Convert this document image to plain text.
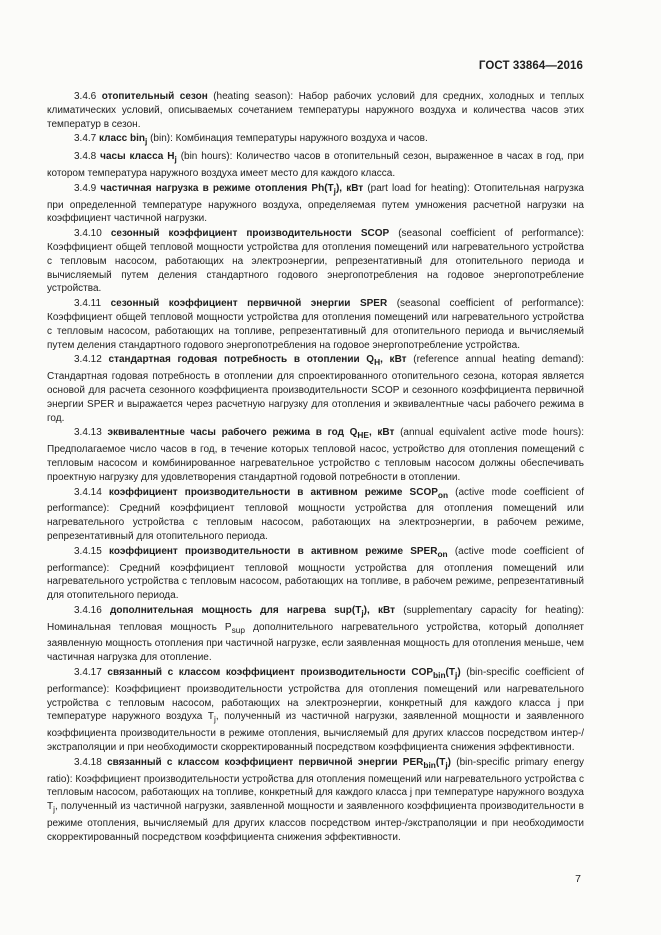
ГОСТ 33864—2016

3.4.6 отопительный сезон (heating season): Набор рабочих условий для средних, холодных и теплых климатических условий, описываемых сочетанием температуры наружного воздуха и количества часов этих температур в сезон.

3.4.7 класс bin$_j$ (bin): Комбинация температуры наружного воздуха и часов.

3.4.8 часы класса $H_j$ (bin hours): Количество часов в отопительный сезон, выраженное в часах в год, при котором температура наружного воздуха имеет место для каждого класса.

3.4.9 частичная нагрузка в режиме отопления $Ph(T_j)$, кВт (part load for heating): Отопительная нагрузка при определенной температуре наружного воздуха, определяемая путем умножения расчетной нагрузки на коэффициент частичной нагрузки.

3.4.10 сезонный коэффициент производительности SCOP (seasonal coefficient of performance): Коэффициент общей тепловой мощности устройства для отопления помещений или нагревательного устройства с тепловым насосом, работающих на электроэнергии, репрезентативный для отопительного периода и вычисляемый путем деления стандартного годового энергопотребления на годовое энергопотребление устройства.

3.4.11 сезонный коэффициент первичной энергии SPER (seasonal coefficient of performance): Коэффициент общей тепловой мощности устройства для отопления помещений или нагревательного устройства с тепловым насосом, работающих на топливе, репрезентативный для отопительного периода и вычисляемый путем деления стандартного годового энергопотребления на годовое энергопотребление устройства.

3.4.12 стандартная годовая потребность в отоплении $Q_H$, кВт (reference annual heating demand): Стандартная годовая потребность в отоплении для спроектированного отопительного сезона, которая является основой для расчета сезонного коэффициента производительности SCOP и сезонного коэффициента первичной энергии SPER и выражается через расчетную нагрузку для отопления и эквивалентные часы рабочего режима в год.

3.4.13 эквивалентные часы рабочего режима в год $Q_{HE}$, кВт (annual equivalent active mode hours): Предполагаемое число часов в год, в течение которых тепловой насос, устройство для отопления помещений с тепловым насосом и комбинированное нагревательное устройство с тепловым насосом должны обеспечивать проектную нагрузку для удовлетворения стандартной годовой потребности в отоплении.

3.4.14 коэффициент производительности в активном режиме $SCOP_{on}$ (active mode coefficient of performance): Средний коэффициент тепловой мощности устройства для отопления помещений или нагревательного устройства с тепловым насосом, работающих на электроэнергии, в рабочем режиме, репрезентативный для отопительного периода.

3.4.15 коэффициент производительности в активном режиме $SPER_{on}$ (active mode coefficient of performance): Средний коэффициент тепловой мощности устройства для отопления помещений или нагревательного устройства с тепловым насосом, работающих на топливе, в рабочем режиме, репрезентативный для отопительного периода.

3.4.16 дополнительная мощность для нагрева $sup(T_j)$, кВт (supplementary capacity for heating): Номинальная тепловая мощность $P_{sup}$ дополнительного нагревательного устройства, который дополняет заявленную мощность отопления при частичной нагрузке, если заявленная мощность для отопления меньше, чем частичная нагрузка для отопление.

3.4.17 связанный с классом коэффициент производительности $COP_{bin}(T_j)$ (bin-specific coefficient of performance): Коэффициент производительности устройства для отопления помещений или нагревательного устройства с тепловым насосом, работающих на электроэнергии, конкретный для каждого класса j при температуре наружного воздуха $T_j$, полученный из частичной нагрузки, заявленной мощности и заявленного коэффициента производительности в режиме отопления, вычисляемый для других классов посредством интер-/экстраполяции и при необходимости скорректированный посредством коэффициента снижения эффективности.

3.4.18 связанный с классом коэффициент первичной энергии $PER_{bin}(T_j)$ (bin-specific primary energy ratio): Коэффициент производительности устройства для отопления помещений или нагревательного устройства с тепловым насосом, работающих на топливе, конкретный для каждого класса j при температуре наружного воздуха $T_j$, полученный из частичной нагрузки, заявленной мощности и заявленного коэффициента производительности в режиме отопления, вычисляемый для других классов посредством интер-/экстраполяции и при необходимости скорректированный посредством коэффициента снижения эффективности.

7
